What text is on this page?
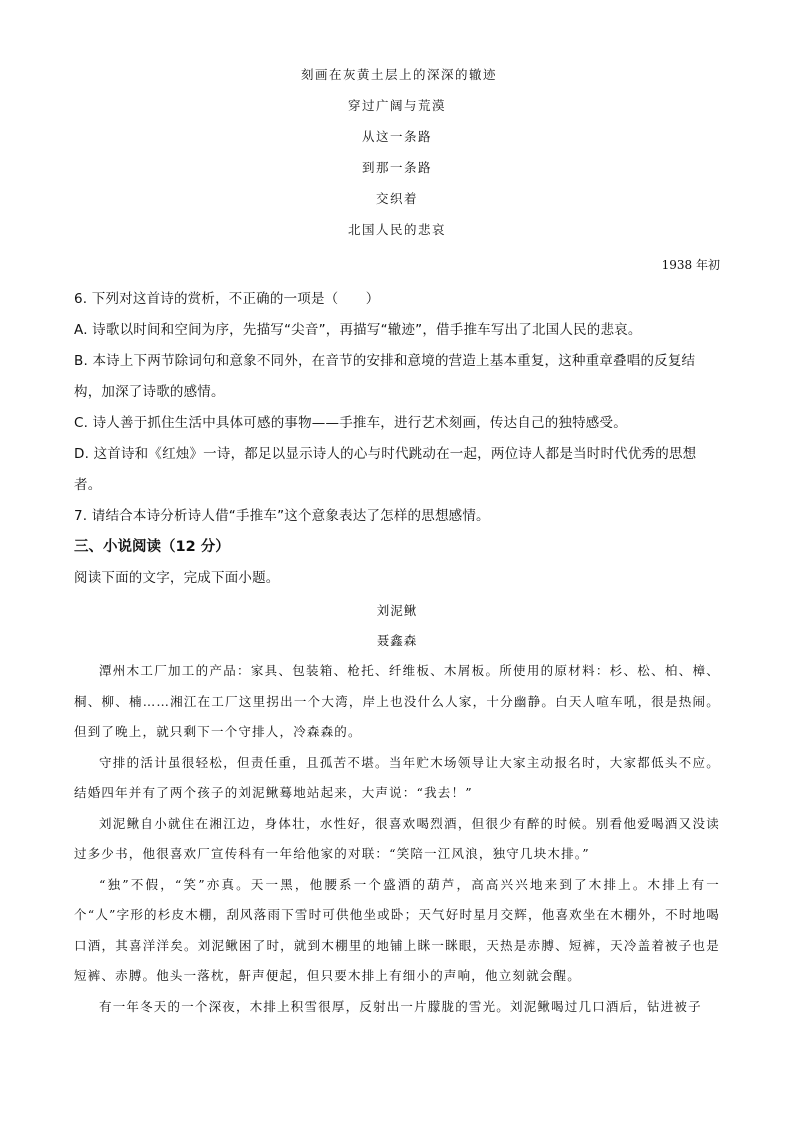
刻画在灰黄土层上的深深的辙迹
穿过广阔与荒漠
从这一条路
到那一条路
交织着
北国人民的悲哀
1938 年初

6. 下列对这首诗的赏析，不正确的一项是（　　）

A. 诗歌以时间和空间为序，先描写“尖音”，再描写“辙迹”，借手推车写出了北国人民的悲哀。

B. 本诗上下两节除词句和意象不同外，在音节的安排和意境的营造上基本重复，这种重章叠唱的反复结构，加深了诗歌的感情。

C. 诗人善于抓住生活中具体可感的事物——手推车，进行艺术刻画，传达自己的独特感受。

D. 这首诗和《红烛》一诗，都足以显示诗人的心与时代跳动在一起，两位诗人都是当时时代优秀的思想者。

7. 请结合本诗分析诗人借“手推车”这个意象表达了怎样的思想感情。

三、小说阅读（12 分）

阅读下面的文字，完成下面小题。

刘泥鳅
聂鑫森

潭州木工厂加工的产品：家具、包装箱、枪托、纤维板、木屑板。所使用的原材料：杉、松、柏、樟、桐、柳、楠……湘江在工厂这里拐出一个大湾，岸上也没什么人家，十分幽静。白天人喧车吼，很是热闹。但到了晚上，就只剩下一个守排人，冷森森的。

守排的活计虽很轻松，但责任重，且孤苦不堪。当年贮木场领导让大家主动报名时，大家都低头不应。结婚四年并有了两个孩子的刘泥鳅蓦地站起来，大声说：“我去！”

刘泥鳅自小就住在湘江边，身体壮，水性好，很喜欢喝烈酒，但很少有醉的时候。别看他爱喝酒又没读过多少书，他很喜欢厂宣传科有一年给他家的对联：“笑陪一江风浪，独守几块木排。”

“独”不假，“笑”亦真。天一黑，他腰系一个盛酒的葫芦，高高兴兴地来到了木排上。木排上有一个“人”字形的杉皮木棚，刮风落雨下雪时可供他坐或卧；天气好时星月交辉，他喜欢坐在木棚外，不时地喝口酒，其喜洋洋矣。刘泥鳅困了时，就到木棚里的地铺上眯一眯眼，天热是赤膊、短裤，天冷盖着被子也是短裤、赤膊。他头一落枕，鼾声便起，但只要木排上有细小的声响，他立刻就会醒。

有一年冬天的一个深夜，木排上积雪很厚，反射出一片朦胧的雪光。刘泥鳅喝过几口酒后，钻进被子
